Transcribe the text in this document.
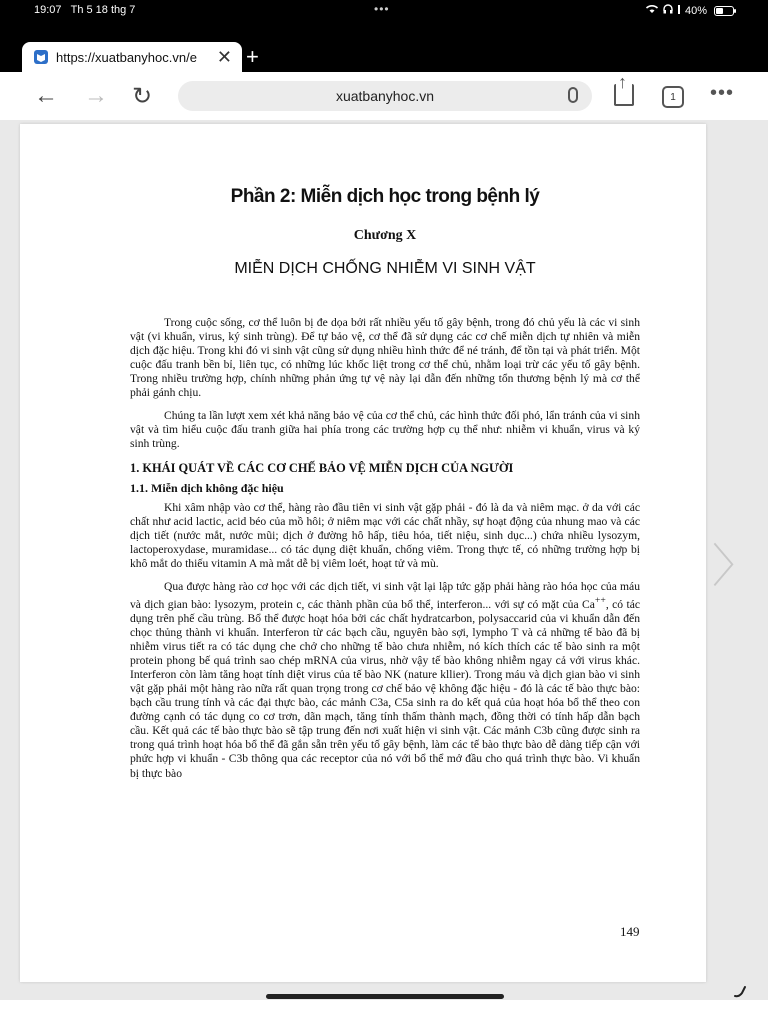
19:07 Th 5 18 thg 7	•••	40%
https://xuatbanyhoc.vn/e	✕ +
← → ↻	xuatbanyhoc.vn
↑	1	•••
〉
Phần 2: Miễn dịch học trong bệnh lý
Chương X
MIỄN DỊCH CHỐNG NHIỄM VI SINH VẬT

Trong cuộc sống, cơ thể luôn bị đe dọa bởi rất nhiều yếu tố gây bệnh, trong đó chủ yếu là các vi sinh vật (vi khuẩn, virus, ký sinh trùng). Để tự bảo vệ, cơ thể đã sử dụng các cơ chế miễn dịch tự nhiên và miễn dịch đặc hiệu. Trong khi đó vi sinh vật cũng sử dụng nhiều hình thức để né tránh, để tồn tại và phát triển. Một cuộc đấu tranh bền bỉ, liên tục, có những lúc khốc liệt trong cơ thể chủ, nhằm loại trừ các yếu tố gây bệnh. Trong nhiều trường hợp, chính những phản ứng tự vệ này lại dẫn đến những tổn thương bệnh lý mà cơ thể phải gánh chịu.

Chúng ta lần lượt xem xét khả năng bảo vệ của cơ thể chủ, các hình thức đối phó, lẩn tránh của vi sinh vật và tìm hiểu cuộc đấu tranh giữa hai phía trong các trường hợp cụ thể như: nhiễm vi khuẩn, virus và ký sinh trùng.

1. KHÁI QUÁT VỀ CÁC CƠ CHẾ BẢO VỆ MIỄN DỊCH CỦA NGƯỜI
1.1. Miễn dịch không đặc hiệu

Khi xâm nhập vào cơ thể, hàng rào đầu tiên vi sinh vật gặp phải - đó là da và niêm mạc. ở da với các chất như acid lactic, acid béo của mồ hôi; ở niêm mạc với các chất nhầy, sự hoạt động của nhung mao và các dịch tiết (nước mắt, nước mũi; dịch ở đường hô hấp, tiêu hóa, tiết niệu, sinh dục...) chứa nhiều lysozym, lactoperoxydase, muramidase... có tác dụng diệt khuẩn, chống viêm. Trong thực tế, có những trường hợp bị khô mắt do thiếu vitamin A mà mắt dễ bị viêm loét, hoạt tử và mù.

Qua được hàng rào cơ học với các dịch tiết, vi sinh vật lại lập tức gặp phải hàng rào hóa học của máu và dịch gian bào: lysozym, protein c, các thành phần của bổ thể, interferon... với sự có mặt của Ca++, có tác dụng trên phế cầu trùng. Bổ thể được hoạt hóa bởi các chất hydratcarbon, polysaccarid của vi khuẩn dẫn đến chọc thủng thành vi khuẩn. Interferon từ các bạch cầu, nguyên bào sợi, lympho T và cả những tế bào đã bị nhiễm virus tiết ra có tác dụng che chở cho những tế bào chưa nhiễm, nó kích thích các tế bào sinh ra một protein phong bế quá trình sao chép mRNA của virus, nhờ vậy tế bào không nhiễm ngay cả với virus khác. Interferon còn làm tăng hoạt tính diệt virus của tế bào NK (nature kllier). Trong máu và dịch gian bào vi sinh vật gặp phải một hàng rào nữa rất quan trọng trong cơ chế bảo vệ không đặc hiệu - đó là các tế bào thực bào: bạch cầu trung tính và các đại thực bào, các mảnh C3a, C5a sinh ra do kết quả của hoạt hóa bổ thể theo con đường cạnh có tác dụng co cơ trơn, dãn mạch, tăng tính thấm thành mạch, đồng thời có tính hấp dẫn bạch cầu. Kết quả các tế bào thực bào sẽ tập trung đến nơi xuất hiện vi sinh vật. Các mảnh C3b cũng được sinh ra trong quá trình hoạt hóa bổ thể đã gắn sẵn trên yếu tố gây bệnh, làm các tế bào thực bào dễ dàng tiếp cận với phức hợp vi khuẩn - C3b thông qua các receptor của nó với bổ thể mở đầu cho quá trình thực bào. Vi khuẩn bị thực bào

149
